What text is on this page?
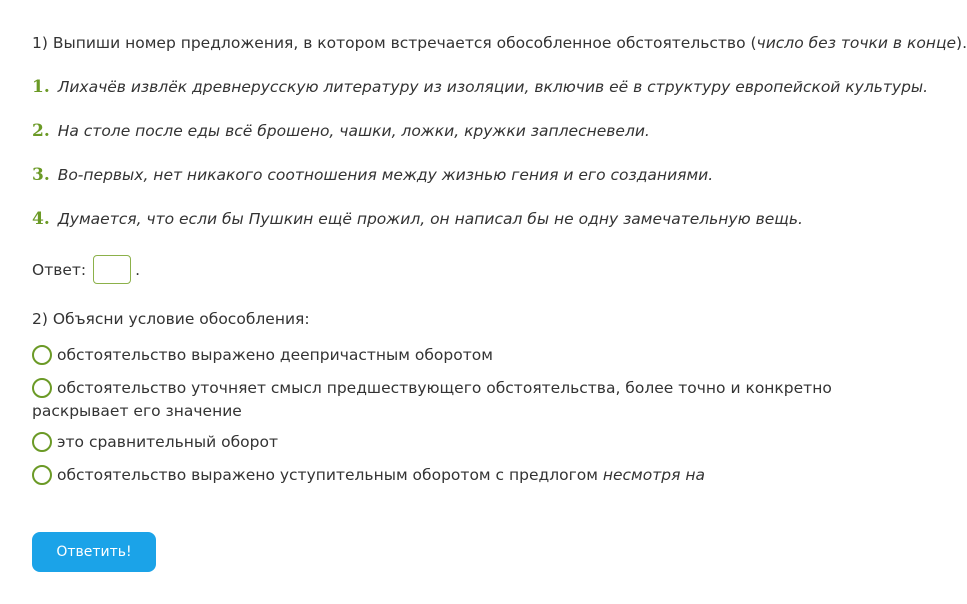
1) Выпиши номер предложения, в котором встречается обособленное обстоятельство (число без точки в конце).
1. Лихачёв извлёк древнерусскую литературу из изоляции, включив её в структуру европейской культуры.
2. На столе после еды всё брошено, чашки, ложки, кружки заплесневели.
3. Во-первых, нет никакого соотношения между жизнью гения и его созданиями.
4. Думается, что если бы Пушкин ещё прожил, он написал бы не одну замечательную вещь.
Ответ:	.
2) Объясни условие обособления:
обстоятельство выражено деепричастным оборотом
обстоятельство уточняет смысл предшествующего обстоятельства, более точно и конкретно раскрывает его значение
это сравнительный оборот
обстоятельство выражено уступительным оборотом с предлогом несмотря на
Ответить!
